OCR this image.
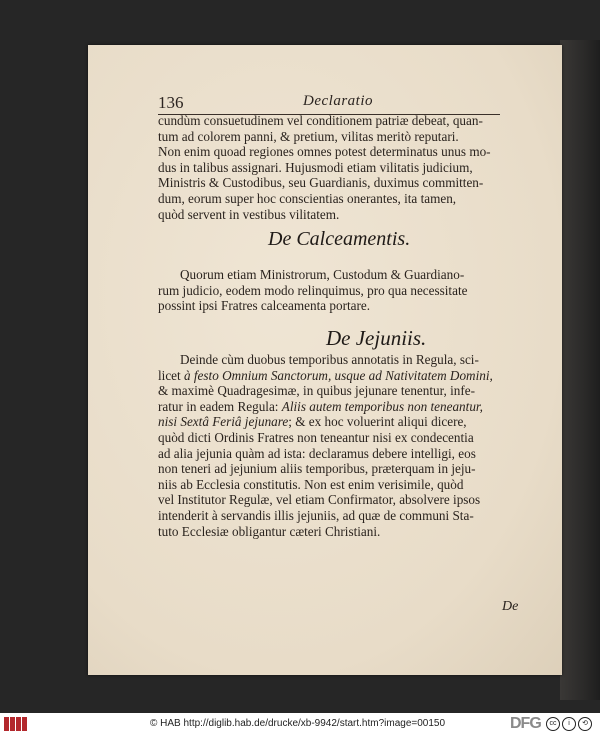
136	Declaratio
cundùm consuetudinem vel conditionem patriæ debeat, quan-
tum ad colorem panni, & pretium, vilitas meritò reputari.
Non enim quoad regiones omnes potest determinatus unus mo-
dus in talibus assignari. Hujusmodi etiam vilitatis judicium,
Ministris & Custodibus, seu Guardianis, duximus committen-
dum, eorum super hoc conscientias onerantes, ita tamen,
quòd servent in vestibus vilitatem.
De Calceamentis.
Quorum etiam Ministrorum, Custodum & Guardiano-
rum judicio, eodem modo relinquimus, pro qua necessitate
possint ipsi Fratres calceamenta portare.
De Jejuniis.
Deinde cùm duobus temporibus annotatis in Regula, sci-
licet à festo Omnium Sanctorum, usque ad Nativitatem Domini,
& maximè Quadragesimæ, in quibus jejunare tenentur, infe-
ratur in eadem Regula: Aliis autem temporibus non teneantur,
nisi Sextâ Feriâ jejunare; & ex hoc voluerint aliqui dicere,
quòd dicti Ordinis Fratres non teneantur nisi ex condecentia
ad alia jejunia quàm ad ista: declaramus debere intelligi, eos
non teneri ad jejunium aliis temporibus, præterquam in jeju-
niis ab Ecclesia constitutis. Non est enim verisimile, quòd
vel Institutor Regulæ, vel etiam Confirmator, absolvere ipsos
intenderit à servandis illis jejuniis, ad quæ de communi Sta-
tuto Ecclesiæ obligantur cæteri Christiani.
De
© HAB http://diglib.hab.de/drucke/xb-9942/start.htm?image=00150	DFG	cc	i	⟲
